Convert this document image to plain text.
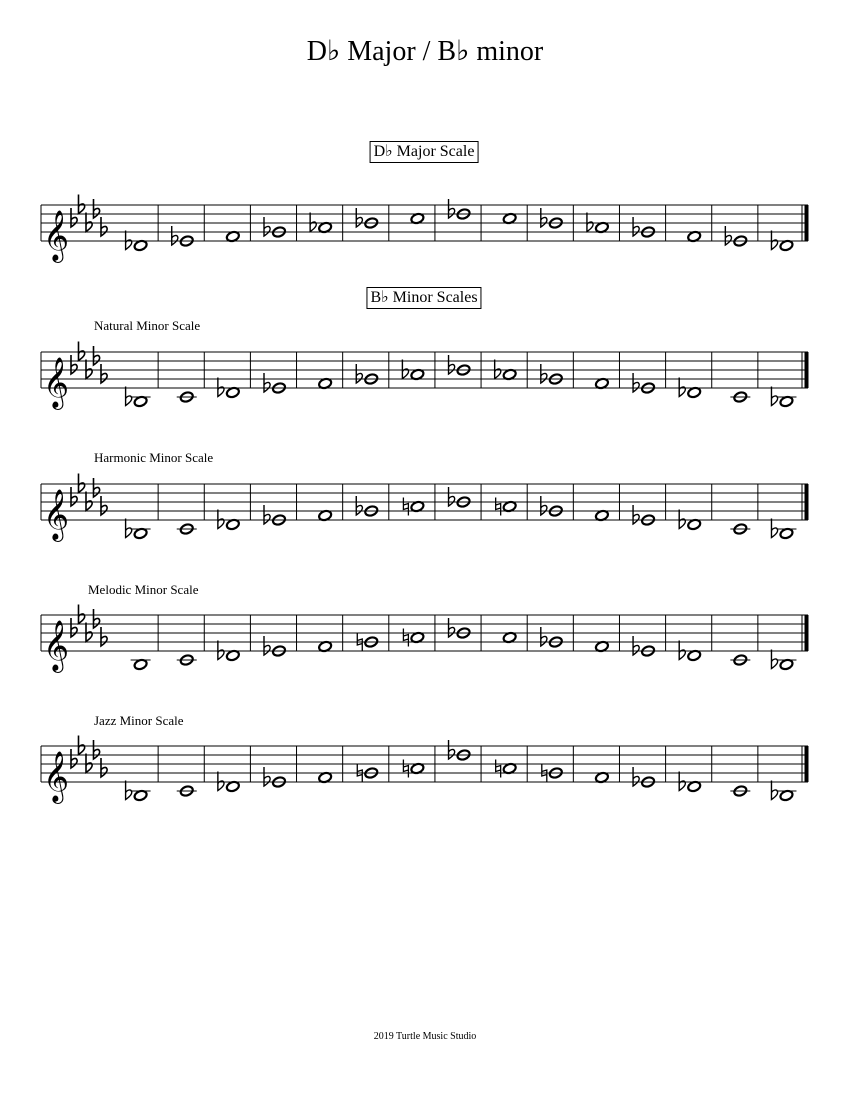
D♭ Major / B♭ minor
D♭ Major Scale
B♭ Minor Scales
Natural Minor Scale
Harmonic Minor Scale
Melodic Minor Scale
Jazz Minor Scale
𝄞
𝄞
𝄞
𝄞
𝄞
2019 Turtle Music Studio
